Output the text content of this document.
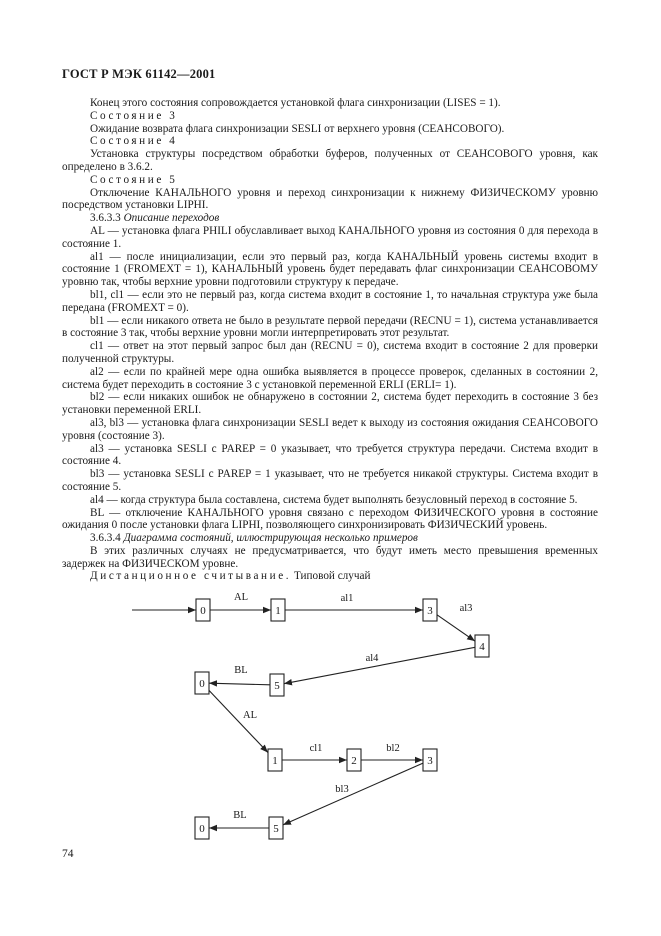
ГОСТ Р МЭК 61142—2001

Конец этого состояния сопровождается установкой флага синхронизации (LISES = 1).

Состояние 3

Ожидание возврата флага синхронизации SESLI от верхнего уровня (СЕАНСОВОГО).

Состояние 4

Установка структуры посредством обработки буферов, полученных от СЕАНСОВОГО уровня, как определено в 3.6.2.

Состояние 5

Отключение КАНАЛЬНОГО уровня и переход синхронизации к нижнему ФИЗИЧЕСКОМУ уровню посредством установки LIPHI.

3.6.3.3 Описание переходов

AL — установка флага PHILI обуславливает выход КАНАЛЬНОГО уровня из состояния 0 для перехода в состояние 1.

al1 — после инициализации, если это первый раз, когда КАНАЛЬНЫЙ уровень системы входит в состояние 1 (FROMEXT = 1), КАНАЛЬНЫЙ уровень будет передавать флаг синхронизации СЕАНСОВОМУ уровню так, чтобы верхние уровни подготовили структуру к передаче.

bl1, cl1 — если это не первый раз, когда система входит в состояние 1, то начальная структура уже была передана (FROMEXT = 0).

bl1 — если никакого ответа не было в результате первой передачи (RECNU = 1), система устанавливается в состояние 3 так, чтобы верхние уровни могли интерпретировать этот результат.

cl1 — ответ на этот первый запрос был дан (RECNU = 0), система входит в состояние 2 для проверки полученной структуры.

al2 — если по крайней мере одна ошибка выявляется в процессе проверок, сделанных в состоянии 2, система будет переходить в состояние 3 с установкой переменной ERLI (ERLI= 1).

bl2 — если никаких ошибок не обнаружено в состоянии 2, система будет переходить в состояние 3 без установки переменной ERLI.

al3, bl3 — установка флага синхронизации SESLI ведет к выходу из состояния ожидания СЕАНСОВОГО уровня (состояние 3).

al3 — установка SESLI с PAREP = 0 указывает, что требуется структура передачи. Система входит в состояние 4.

bl3 — установка SESLI с PAREP = 1 указывает, что не требуется никакой структуры. Система входит в состояние 5.

al4 — когда структура была составлена, система будет выполнять безусловный переход в состояние 5.

BL — отключение КАНАЛЬНОГО уровня связано с переходом ФИЗИЧЕСКОГО уровня в состояние ожидания 0 после установки флага LIPHI, позволяющего синхронизировать ФИЗИЧЕСКИЙ уровень.

3.6.3.4 Диаграмма состояний, иллюстрирующая несколько примеров

В этих различных случаях не предусматривается, что будут иметь место превышения временных задержек на ФИЗИЧЕСКОМ уровне.

Дистанционное считывание. Типовой случай

AL	al1
al3
al4
BL
AL
cl1	bl2
bl3
BL
0	1	3
4
5
0
1	2	3
5
0
74
